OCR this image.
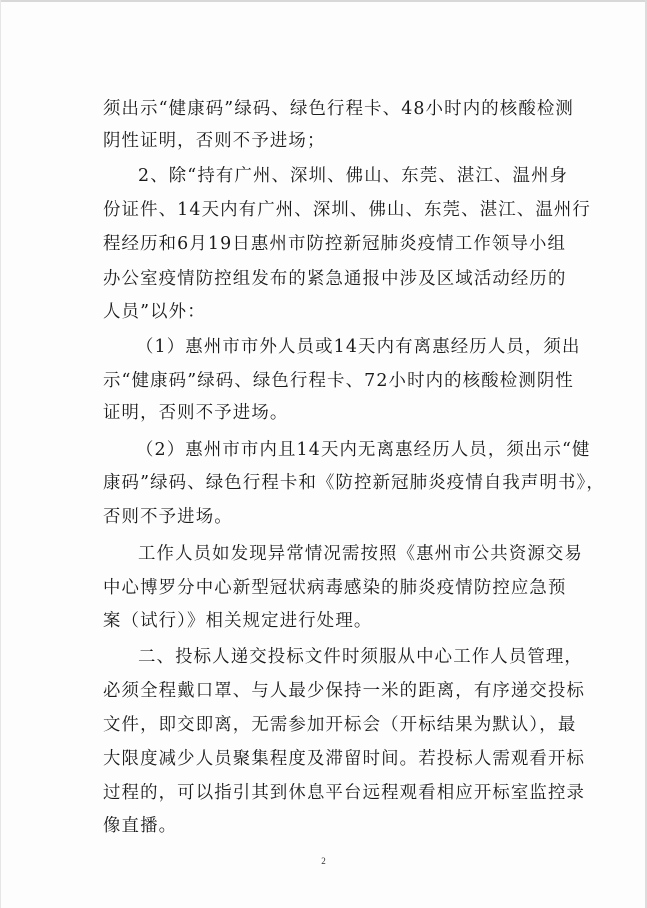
须出示“健康码”绿码、绿色行程卡、48小时内的核酸检测
阴性证明，否则不予进场；
2、除“持有广州、深圳、佛山、东莞、湛江、温州身
份证件、14天内有广州、深圳、佛山、东莞、湛江、温州行
程经历和6月19日惠州市防控新冠肺炎疫情工作领导小组
办公室疫情防控组发布的紧急通报中涉及区域活动经历的
人员”以外：
（1）惠州市市外人员或14天内有离惠经历人员，须出
示“健康码”绿码、绿色行程卡、72小时内的核酸检测阴性
证明，否则不予进场。
（2）惠州市市内且14天内无离惠经历人员，须出示“健
康码”绿码、绿色行程卡和《防控新冠肺炎疫情自我声明书》，
否则不予进场。
工作人员如发现异常情况需按照《惠州市公共资源交易
中心博罗分中心新型冠状病毒感染的肺炎疫情防控应急预
案（试行）》相关规定进行处理。
二、投标人递交投标文件时须服从中心工作人员管理，
必须全程戴口罩、与人最少保持一米的距离，有序递交投标
文件，即交即离，无需参加开标会（开标结果为默认），最
大限度减少人员聚集程度及滞留时间。若投标人需观看开标
过程的，可以指引其到休息平台远程观看相应开标室监控录
像直播。
2
